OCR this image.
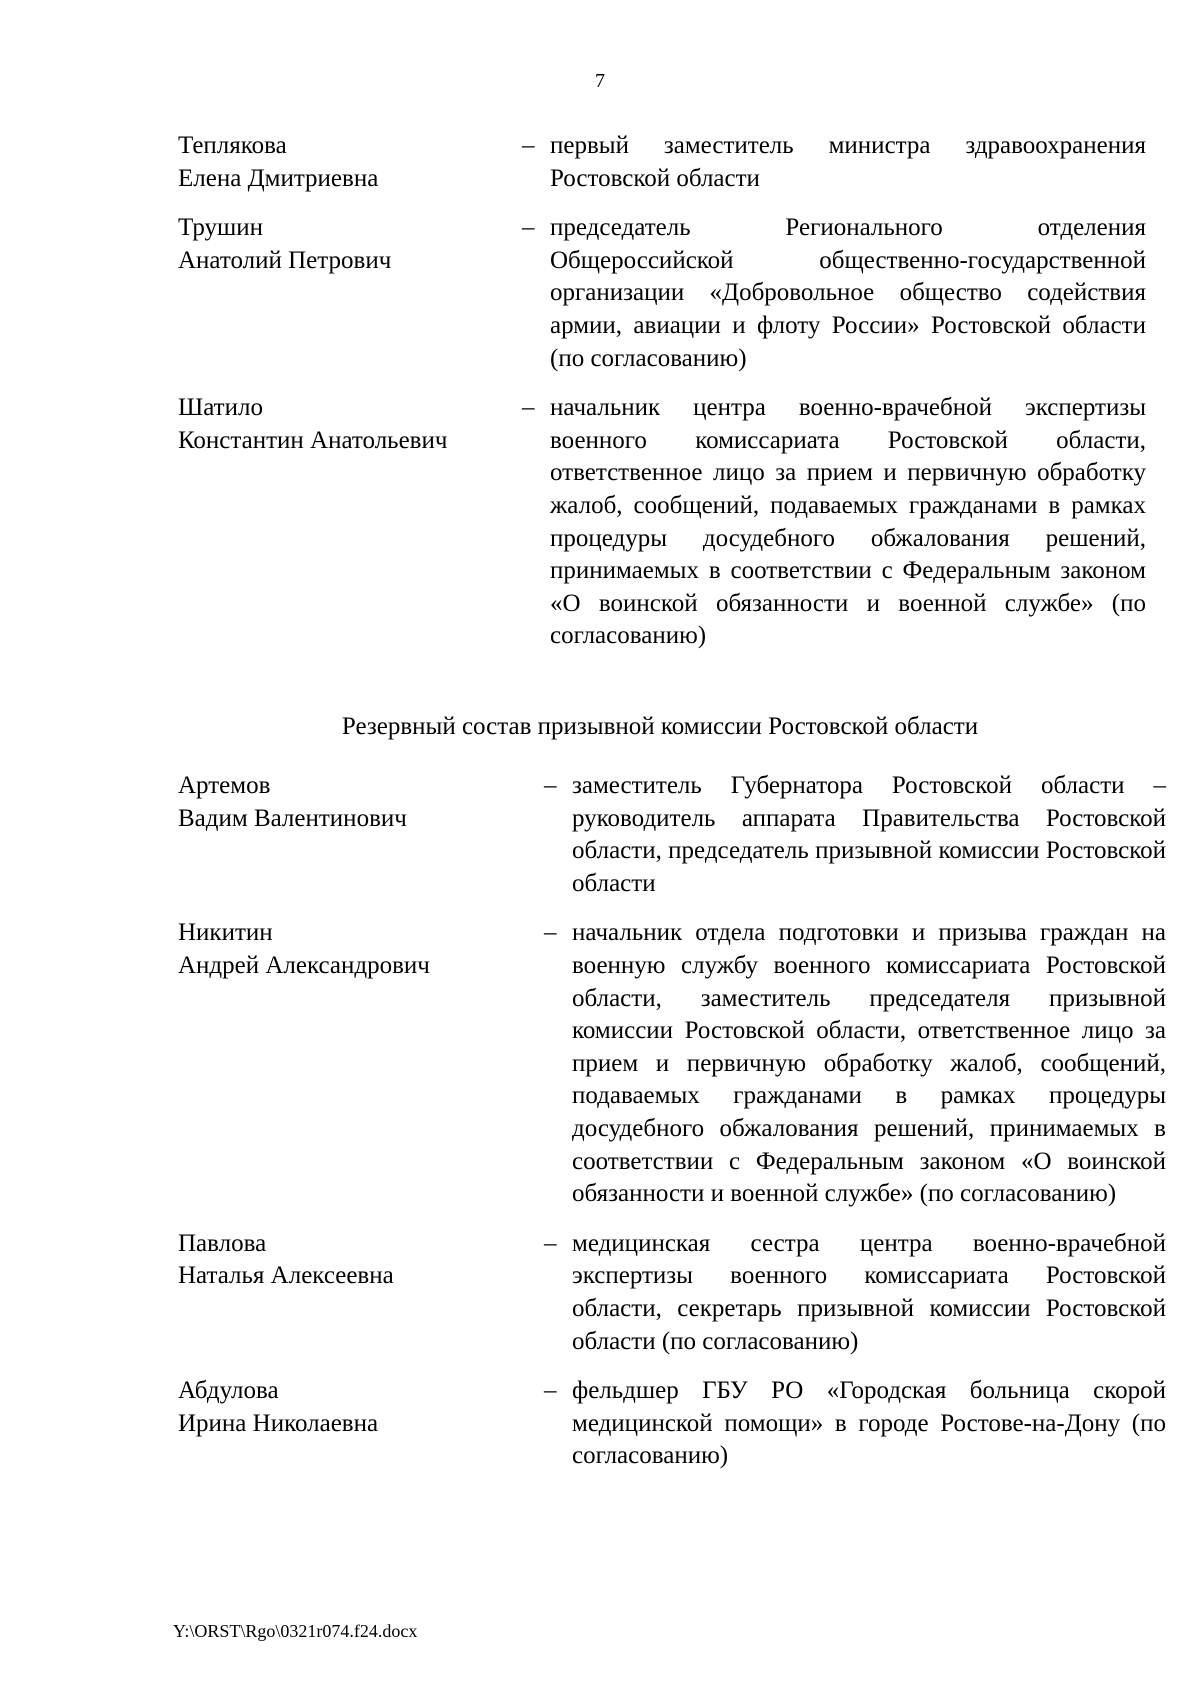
7
Теплякова
Елена Дмитриевна
– первый заместитель министра здравоохранения Ростовской области
Трушин
Анатолий Петрович
– председатель Регионального отделения Общероссийской общественно-государственной организации «Добровольное общество содействия армии, авиации и флоту России» Ростовской области (по согласованию)
Шатило
Константин Анатольевич
– начальник центра военно-врачебной экспертизы военного комиссариата Ростовской области, ответственное лицо за прием и первичную обработку жалоб, сообщений, подаваемых гражданами в рамках процедуры досудебного обжалования решений, принимаемых в соответствии с Федеральным законом «О воинской обязанности и военной службе» (по согласованию)
Резервный состав призывной комиссии Ростовской области
Артемов
Вадим Валентинович
– заместитель Губернатора Ростовской области – руководитель аппарата Правительства Ростовской области, председатель призывной комиссии Ростовской области
Никитин
Андрей Александрович
– начальник отдела подготовки и призыва граждан на военную службу военного комиссариата Ростовской области, заместитель председателя призывной комиссии Ростовской области, ответственное лицо за прием и первичную обработку жалоб, сообщений, подаваемых гражданами в рамках процедуры досудебного обжалования решений, принимаемых в соответствии с Федеральным законом «О воинской обязанности и военной службе» (по согласованию)
Павлова
Наталья Алексеевна
– медицинская сестра центра военно-врачебной экспертизы военного комиссариата Ростовской области, секретарь призывной комиссии Ростовской области (по согласованию)
Абдулова
Ирина Николаевна
– фельдшер ГБУ РО «Городская больница скорой медицинской помощи» в городе Ростове-на-Дону (по согласованию)
Y:\ORST\Rgo\0321r074.f24.docx
